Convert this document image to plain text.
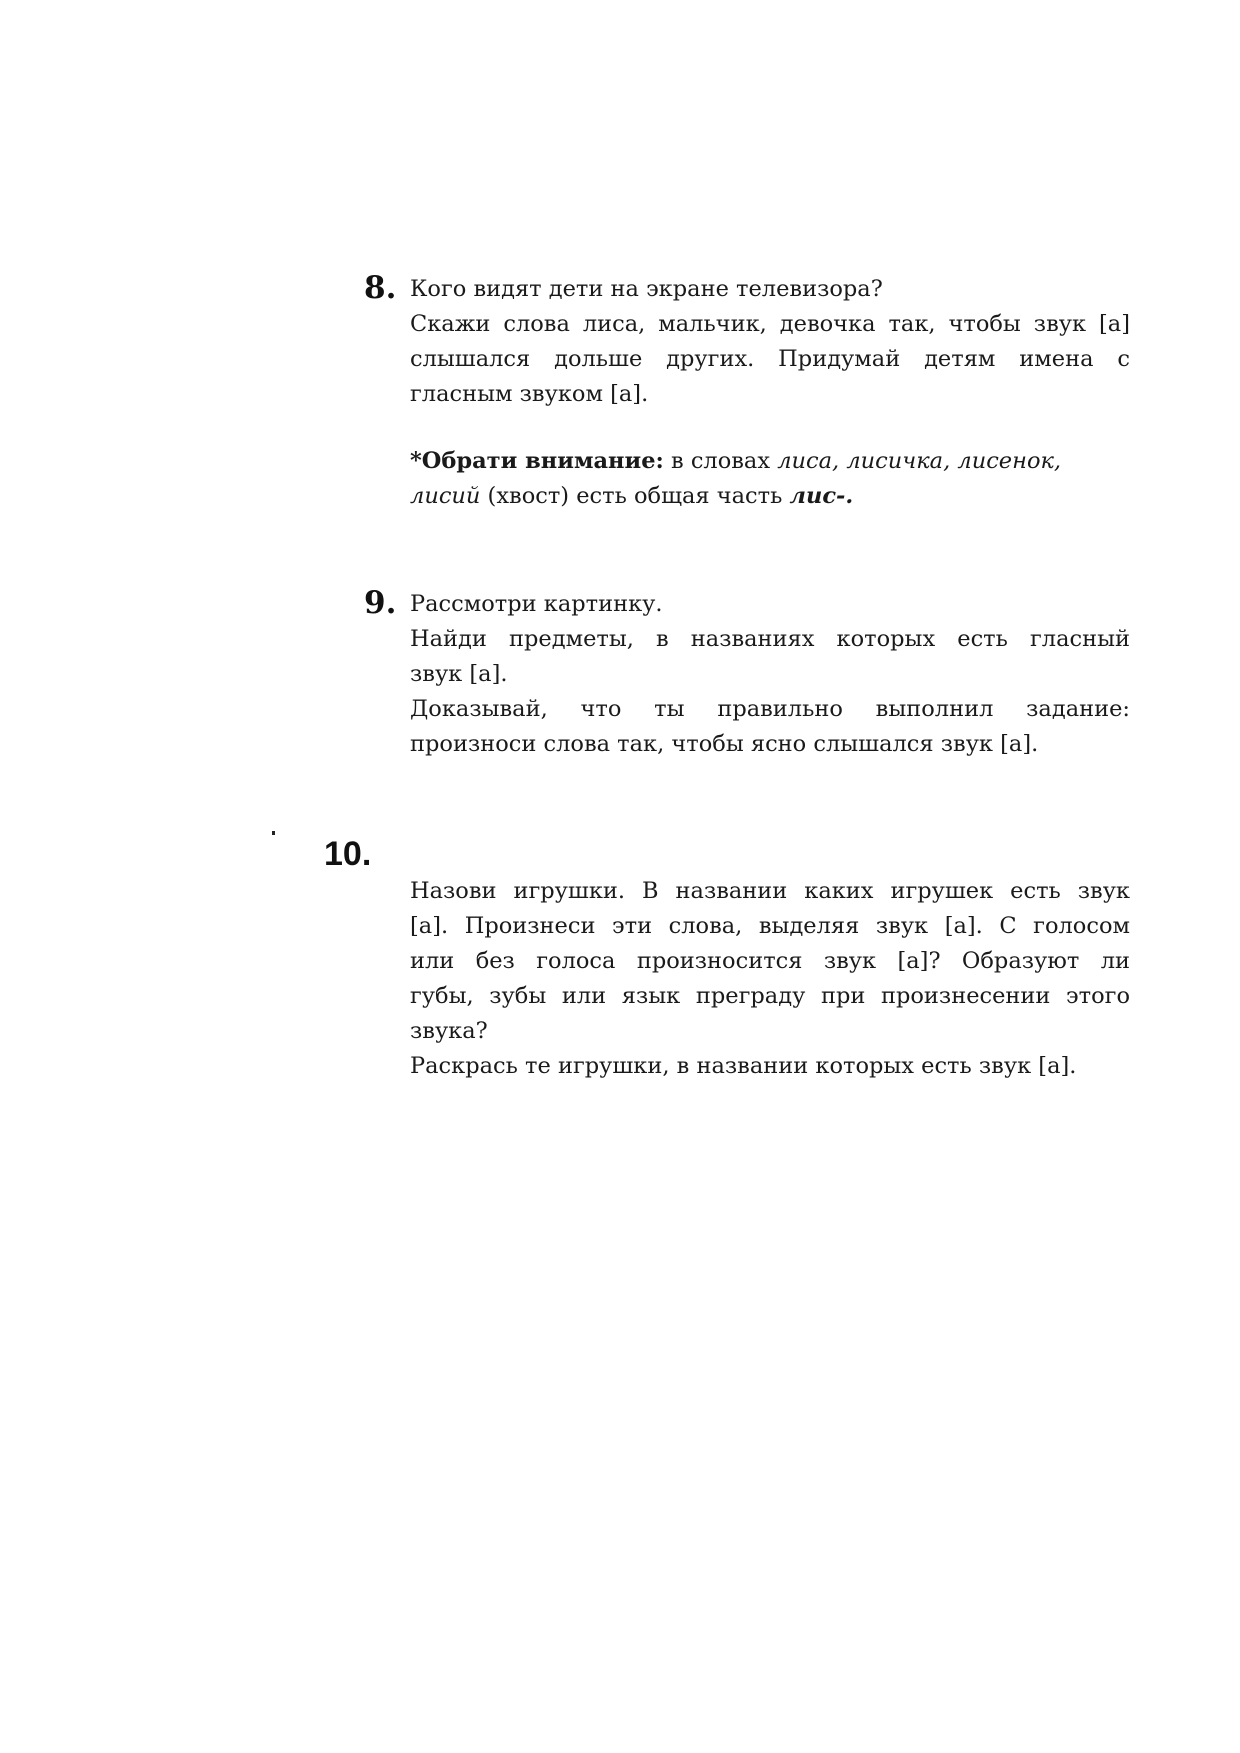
8. Кого видят дети на экране телевизора?

Скажи слова лиса, мальчик, девочка так, чтобы звук [а]

слышался дольше других. Придумай детям имена с

гласным звуком [а].

*Обрати внимание: в словах лиса, лисичка, лисенок,

лисий (хвост) есть общая часть лис-.

9. Рассмотри картинку.

Найди предметы, в названиях которых есть гласный

звук [а].

Доказывай, что ты правильно выполнил задание:

произноси слова так, чтобы ясно слышался звук [а].

10.

Назови игрушки. В названии каких игрушек есть звук

[а]. Произнеси эти слова, выделяя звук [а]. С голосом

или без голоса произносится звук [а]? Образуют ли

губы, зубы или язык преграду при произнесении этого

звука?

Раскрась те игрушки, в названии которых есть звук [а].
